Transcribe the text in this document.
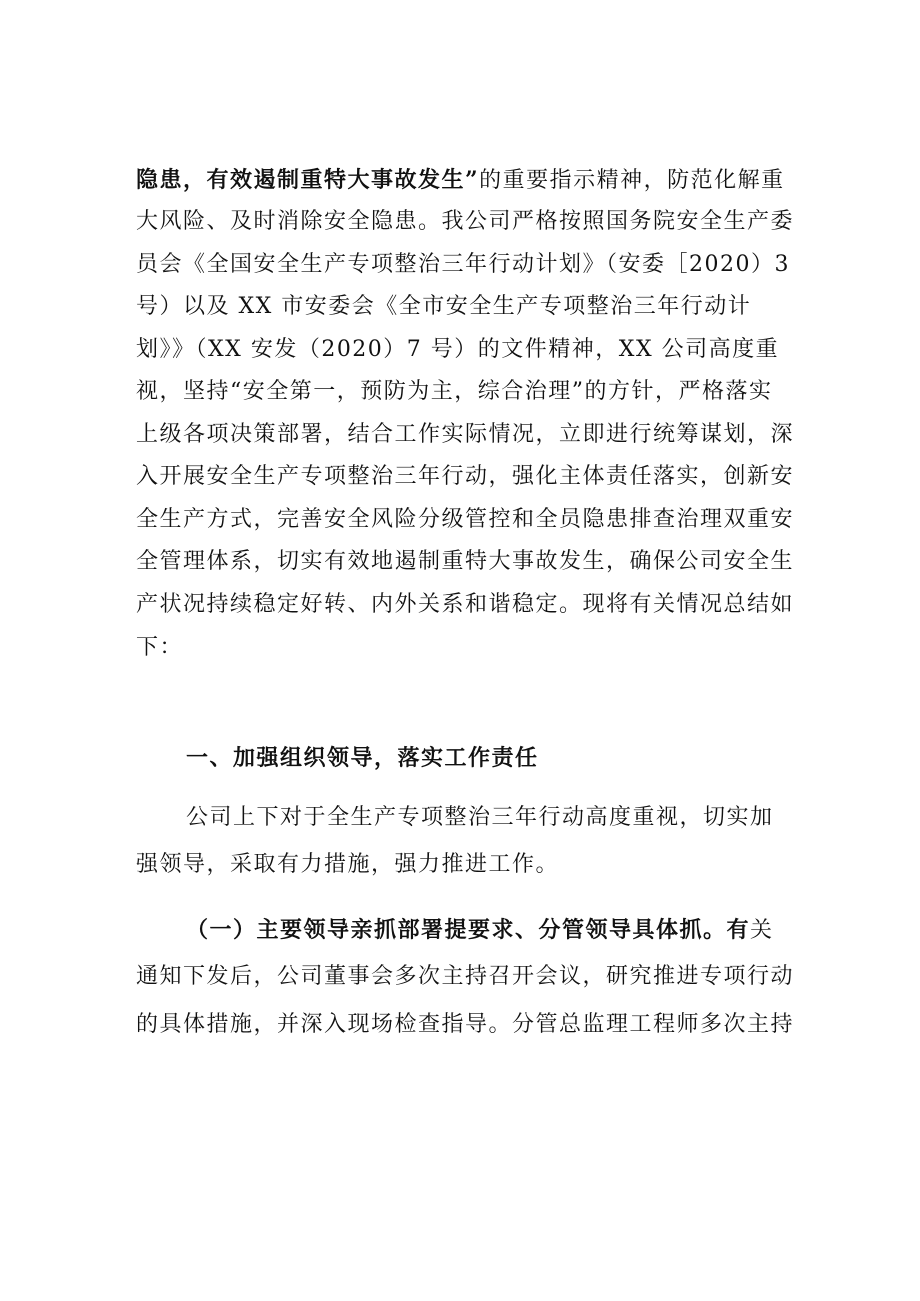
隐患，有效遏制重特大事故发生”的重要指示精神，防范化解重
大风险、及时消除安全隐患。我公司严格按照国务院安全生产委
员会《全国安全生产专项整治三年行动计划》（安委［2020）3
号）以及 XX 市安委会《全市安全生产专项整治三年行动计
划》》（XX 安发（2020）7 号）的文件精神，XX 公司高度重
视，坚持“安全第一，预防为主，综合治理”的方针，严格落实
上级各项决策部署，结合工作实际情况，立即进行统筹谋划，深
入开展安全生产专项整治三年行动，强化主体责任落实，创新安
全生产方式，完善安全风险分级管控和全员隐患排查治理双重安
全管理体系，切实有效地遏制重特大事故发生，确保公司安全生
产状况持续稳定好转、内外关系和谐稳定。现将有关情况总结如
下：
一、加强组织领导，落实工作责任
公司上下对于全生产专项整治三年行动高度重视，切实加
强领导，采取有力措施，强力推进工作。
（一）主要领导亲抓部署提要求、分管领导具体抓。有关
通知下发后，公司董事会多次主持召开会议，研究推进专项行动
的具体措施，并深入现场检查指导。分管总监理工程师多次主持
